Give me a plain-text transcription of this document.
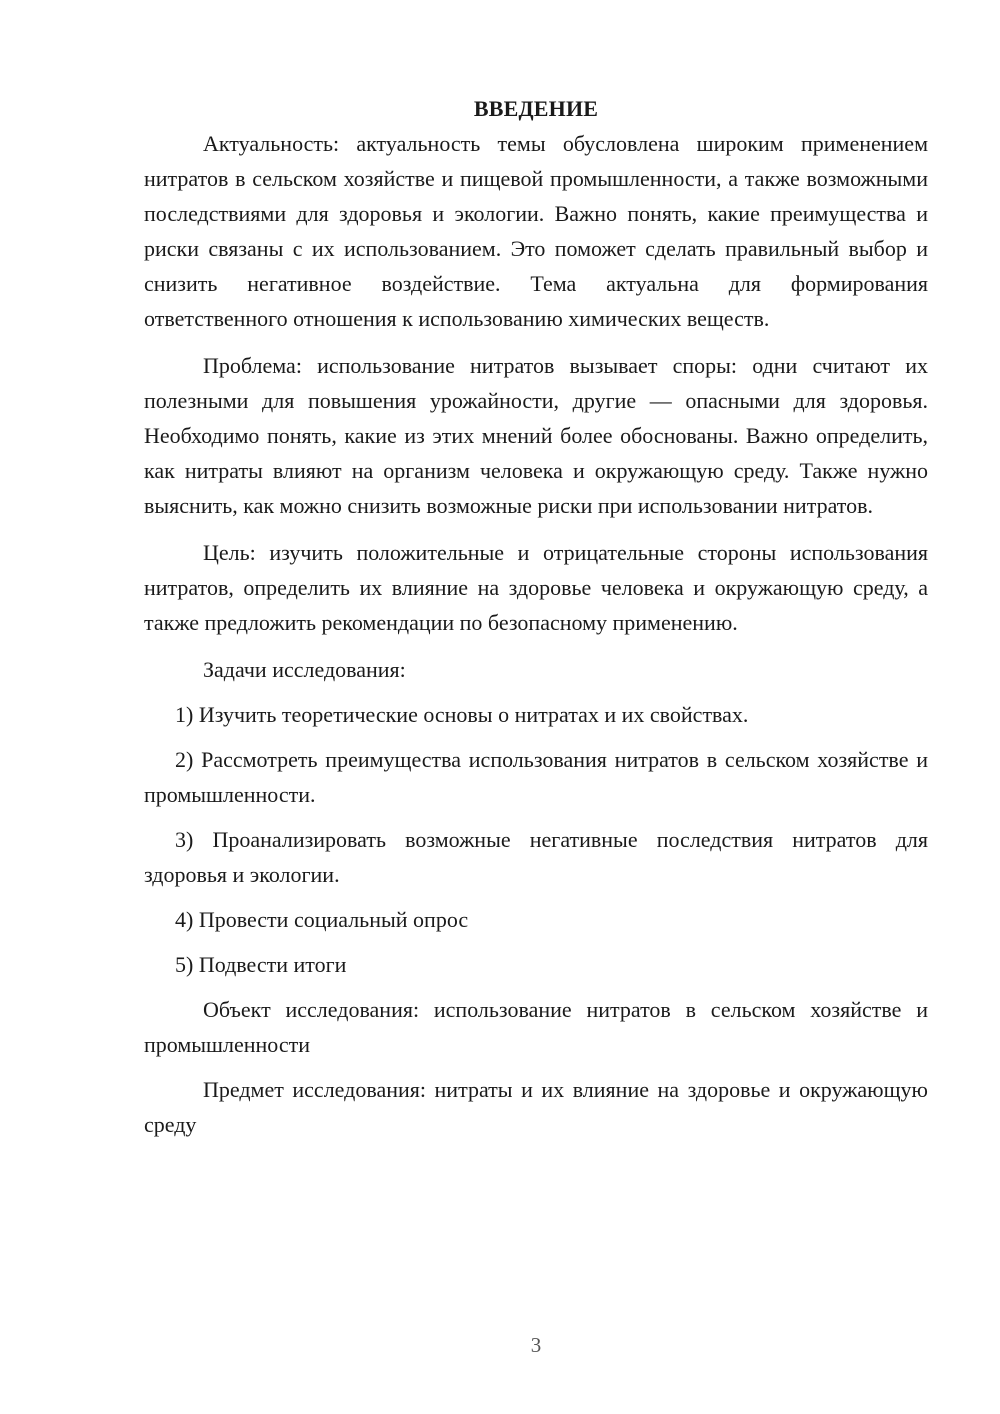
ВВЕДЕНИЕ

Актуальность: актуальность темы обусловлена широким применением нитратов в сельском хозяйстве и пищевой промышленности, а также возможными последствиями для здоровья и экологии. Важно понять, какие преимущества и риски связаны с их использованием. Это поможет сделать правильный выбор и снизить негативное воздействие. Тема актуальна для формирования ответственного отношения к использованию химических веществ.

Проблема: использование нитратов вызывает споры: одни считают их полезными для повышения урожайности, другие — опасными для здоровья. Необходимо понять, какие из этих мнений более обоснованы. Важно определить, как нитраты влияют на организм человека и окружающую среду. Также нужно выяснить, как можно снизить возможные риски при использовании нитратов.

Цель: изучить положительные и отрицательные стороны использования нитратов, определить их влияние на здоровье человека и окружающую среду, а также предложить рекомендации по безопасному применению.

Задачи исследования:

1) Изучить теоретические основы о нитратах и их свойствах.

2) Рассмотреть преимущества использования нитратов в сельском хозяйстве и промышленности.

3) Проанализировать возможные негативные последствия нитратов для здоровья и экологии.

4) Провести социальный опрос

5) Подвести итоги

Объект исследования: использование нитратов в сельском хозяйстве и промышленности

Предмет исследования: нитраты и их влияние на здоровье и окружающую среду

3
